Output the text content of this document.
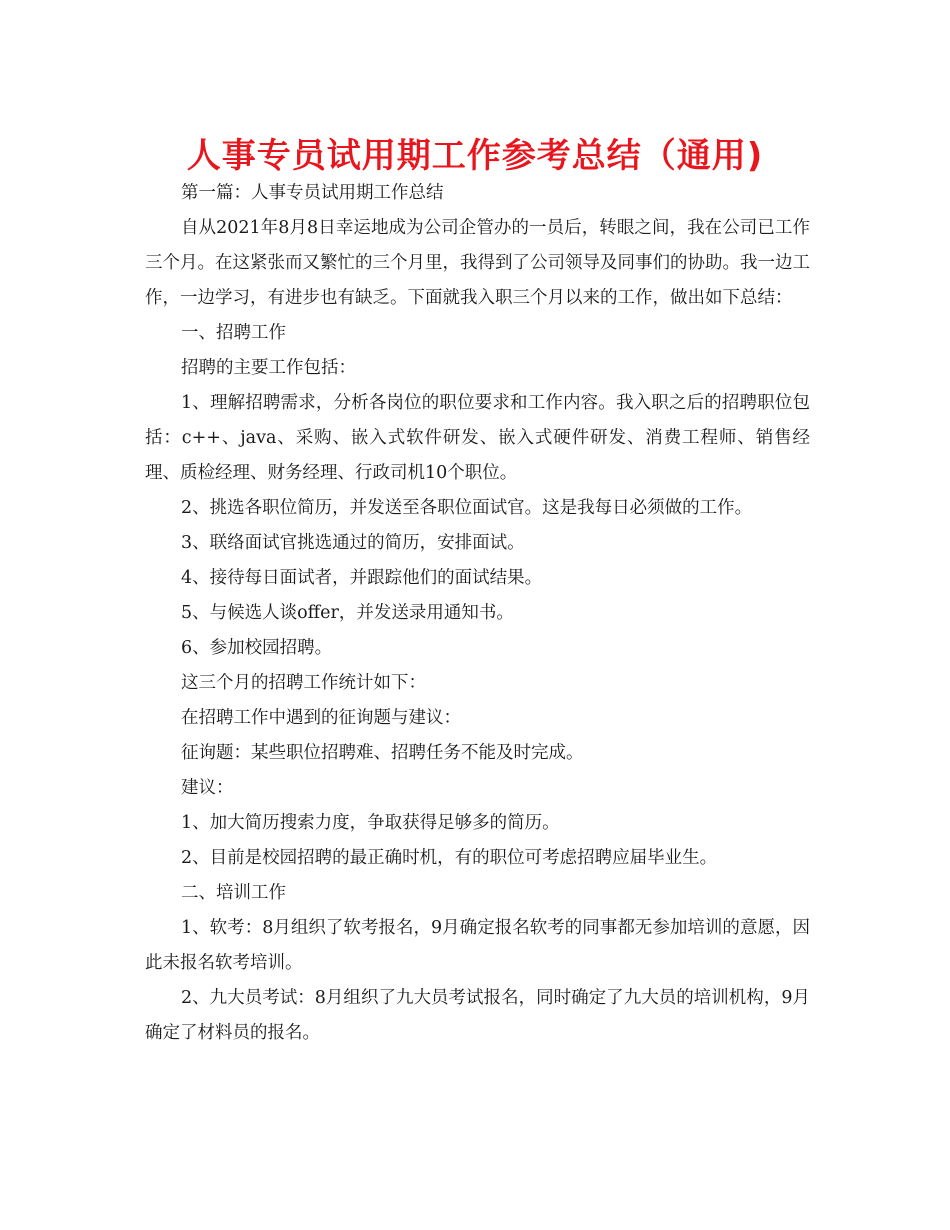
人事专员试用期工作参考总结（通用)

第一篇：人事专员试用期工作总结

自从2021年8月8日幸运地成为公司企管办的一员后，转眼之间，我在公司已工作三个月。在这紧张而又繁忙的三个月里，我得到了公司领导及同事们的协助。我一边工作，一边学习，有进步也有缺乏。下面就我入职三个月以来的工作，做出如下总结：

一、招聘工作

招聘的主要工作包括：

1、理解招聘需求，分析各岗位的职位要求和工作内容。我入职之后的招聘职位包括：c++、java、采购、嵌入式软件研发、嵌入式硬件研发、消费工程师、销售经理、质检经理、财务经理、行政司机10个职位。

2、挑选各职位简历，并发送至各职位面试官。这是我每日必须做的工作。

3、联络面试官挑选通过的简历，安排面试。

4、接待每日面试者，并跟踪他们的面试结果。

5、与候选人谈offer，并发送录用通知书。

6、参加校园招聘。

这三个月的招聘工作统计如下：

在招聘工作中遇到的征询题与建议：

征询题：某些职位招聘难、招聘任务不能及时完成。

建议：

1、加大简历搜索力度，争取获得足够多的简历。

2、目前是校园招聘的最正确时机，有的职位可考虑招聘应届毕业生。

二、培训工作

1、软考：8月组织了软考报名，9月确定报名软考的同事都无参加培训的意愿，因此未报名软考培训。

2、九大员考试：8月组织了九大员考试报名，同时确定了九大员的培训机构，9月确定了材料员的报名。
